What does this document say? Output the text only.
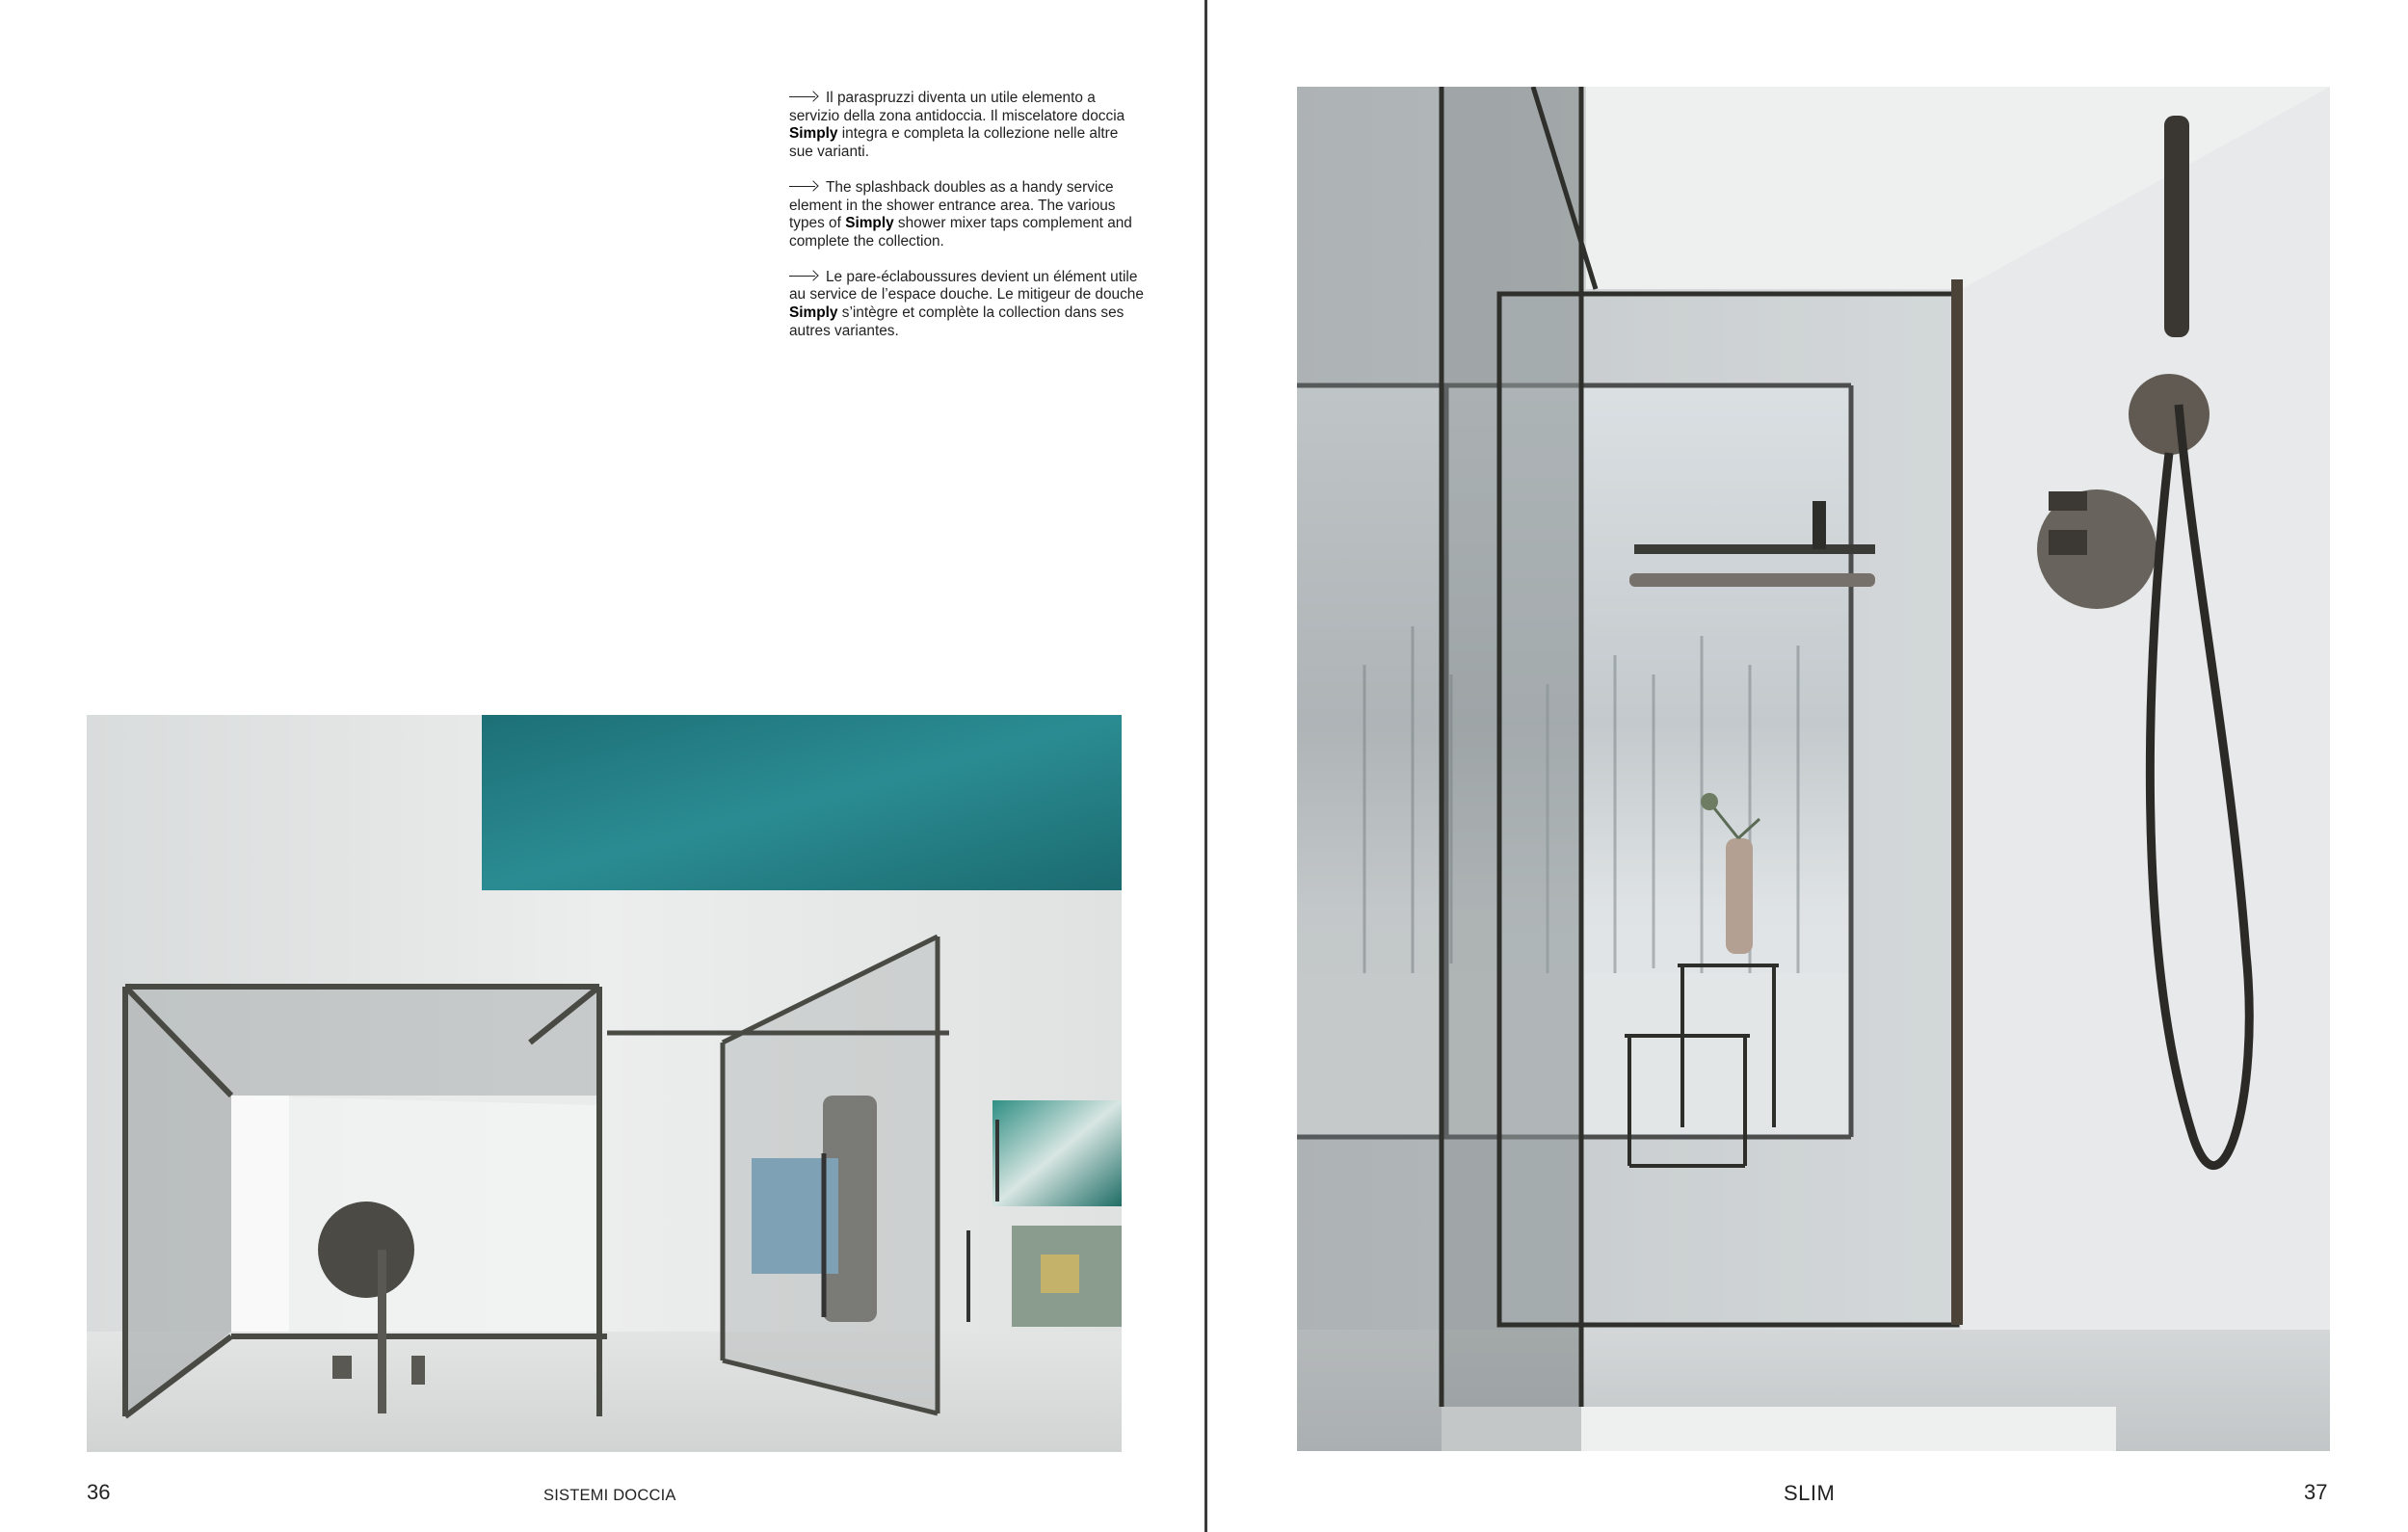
Il paraspruzzi diventa un utile elemento a servizio della zona antidoccia. Il miscelatore doccia Simply integra e completa la collezione nelle altre sue varianti.

The splashback doubles as a handy service element in the shower entrance area. The various types of Simply shower mixer taps complement and complete the collection.

Le pare-éclaboussures devient un élément utile au service de l’espace douche. Le mitigeur de douche Simply s’intègre et complète la collection dans ses autres variantes.

36	SISTEMI DOCCIA	SLIM	37
